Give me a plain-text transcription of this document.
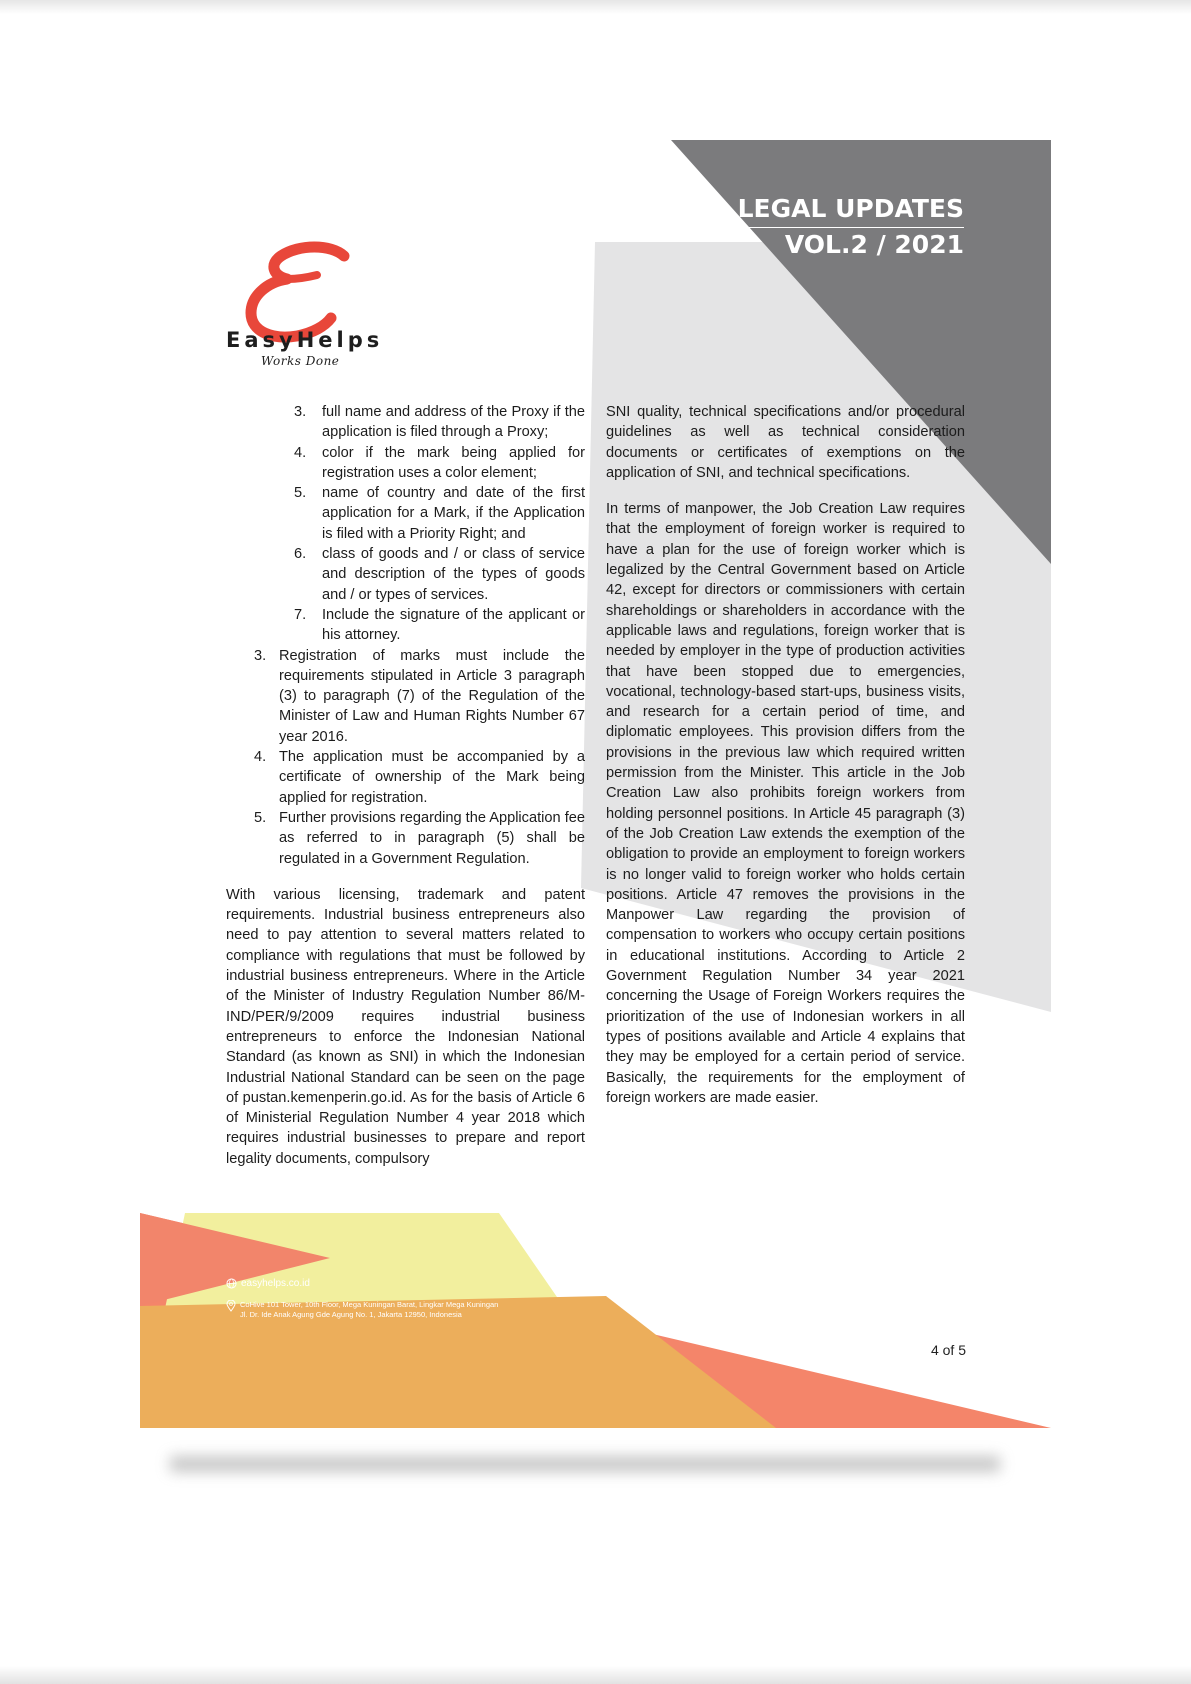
LEGAL UPDATES
VOL.2 / 2021
EasyHelps
Works Done
3. full name and address of the Proxy if the application is filed through a Proxy;
4. color if the mark being applied for registration uses a color element;
5. name of country and date of the first application for a Mark, if the Application is filed with a Priority Right; and
6. class of goods and / or class of service and description of the types of goods and / or types of services.
7. Include the signature of the applicant or his attorney.
3. Registration of marks must include the requirements stipulated in Article 3 paragraph (3) to paragraph (7) of the Regulation of the Minister of Law and Human Rights Number 67 year 2016.
4. The application must be accompanied by a certificate of ownership of the Mark being applied for registration.
5. Further provisions regarding the Application fee as referred to in paragraph (5) shall be regulated in a Government Regulation.

With various licensing, trademark and patent requirements. Industrial business entrepreneurs also need to pay attention to several matters related to compliance with regulations that must be followed by industrial business entrepreneurs. Where in the Article of the Minister of Industry Regulation Number 86/M-IND/PER/9/2009 requires industrial business entrepreneurs to enforce the Indonesian National Standard (as known as SNI) in which the Indonesian Industrial National Standard can be seen on the page of pustan.kemenperin.go.id. As for the basis of Article 6 of Ministerial Regulation Number 4 year 2018 which requires industrial businesses to prepare and report legality documents, compulsory

SNI quality, technical specifications and/or procedural guidelines as well as technical consideration documents or certificates of exemptions on the application of SNI, and technical specifications.

In terms of manpower, the Job Creation Law requires that the employment of foreign worker is required to have a plan for the use of foreign worker which is legalized by the Central Government based on Article 42, except for directors or commissioners with certain shareholdings or shareholders in accordance with the applicable laws and regulations, foreign worker that is needed by employer in the type of production activities that have been stopped due to emergencies, vocational, technology-based start-ups, business visits, and research for a certain period of time, and diplomatic employees. This provision differs from the provisions in the previous law which required written permission from the Minister. This article in the Job Creation Law also prohibits foreign workers from holding personnel positions. In Article 45 paragraph (3) of the Job Creation Law extends the exemption of the obligation to provide an employment to foreign workers is no longer valid to foreign worker who holds certain positions. Article 47 removes the provisions in the Manpower Law regarding the provision of compensation to workers who occupy certain positions in educational institutions. According to Article 2 Government Regulation Number 34 year 2021 concerning the Usage of Foreign Workers requires the prioritization of the use of Indonesian workers in all types of positions available and Article 4 explains that they may be employed for a certain period of service. Basically, the requirements for the employment of foreign workers are made easier.

easyhelps.co.id
CoHive 101 Tower, 10th Floor, Mega Kuningan Barat, Lingkar Mega Kuningan
Jl. Dr. Ide Anak Agung Gde Agung No. 1, Jakarta 12950, Indonesia
4 of 5
